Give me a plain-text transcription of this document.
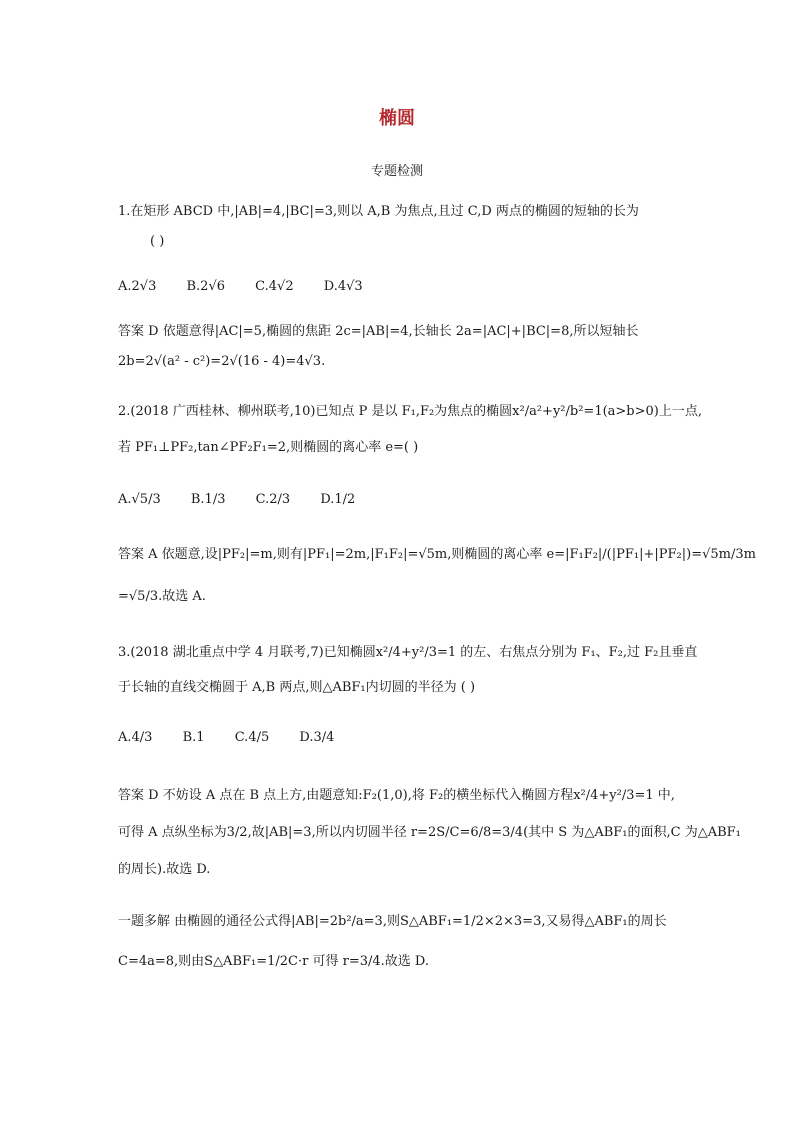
椭圆
专题检测
1.在矩形 ABCD 中,|AB|=4,|BC|=3,则以 A,B 为焦点,且过 C,D 两点的椭圆的短轴的长为
( )
A.2√3 B.2√6 C.4√2 D.4√3
答案 D 依题意得|AC|=5,椭圆的焦距 2c=|AB|=4,长轴长 2a=|AC|+|BC|=8,所以短轴长
2b=2√(a² - c²)=2√(16 - 4)=4√3.
2.(2018 广西桂林、柳州联考,10)已知点 P 是以 F₁,F₂为焦点的椭圆x²/a²+y²/b²=1(a>b>0)上一点,
若 PF₁⊥PF₂,tan∠PF₂F₁=2,则椭圆的离心率 e=( )
A.√5/3 B.1/3 C.2/3 D.1/2
答案 A 依题意,设|PF₂|=m,则有|PF₁|=2m,|F₁F₂|=√5m,则椭圆的离心率 e=|F₁F₂|/(|PF₁|+|PF₂|)=√5m/3m
=√5/3.故选 A.
3.(2018 湖北重点中学 4 月联考,7)已知椭圆x²/4+y²/3=1 的左、右焦点分别为 F₁、F₂,过 F₂且垂直
于长轴的直线交椭圆于 A,B 两点,则△ABF₁内切圆的半径为 ( )
A.4/3 B.1 C.4/5 D.3/4
答案 D 不妨设 A 点在 B 点上方,由题意知:F₂(1,0),将 F₂的横坐标代入椭圆方程x²/4+y²/3=1 中,
可得 A 点纵坐标为3/2,故|AB|=3,所以内切圆半径 r=2S/C=6/8=3/4(其中 S 为△ABF₁的面积,C 为△ABF₁
的周长).故选 D.
一题多解 由椭圆的通径公式得|AB|=2b²/a=3,则S△ABF₁=1/2×2×3=3,又易得△ABF₁的周长
C=4a=8,则由S△ABF₁=1/2C·r 可得 r=3/4.故选 D.
